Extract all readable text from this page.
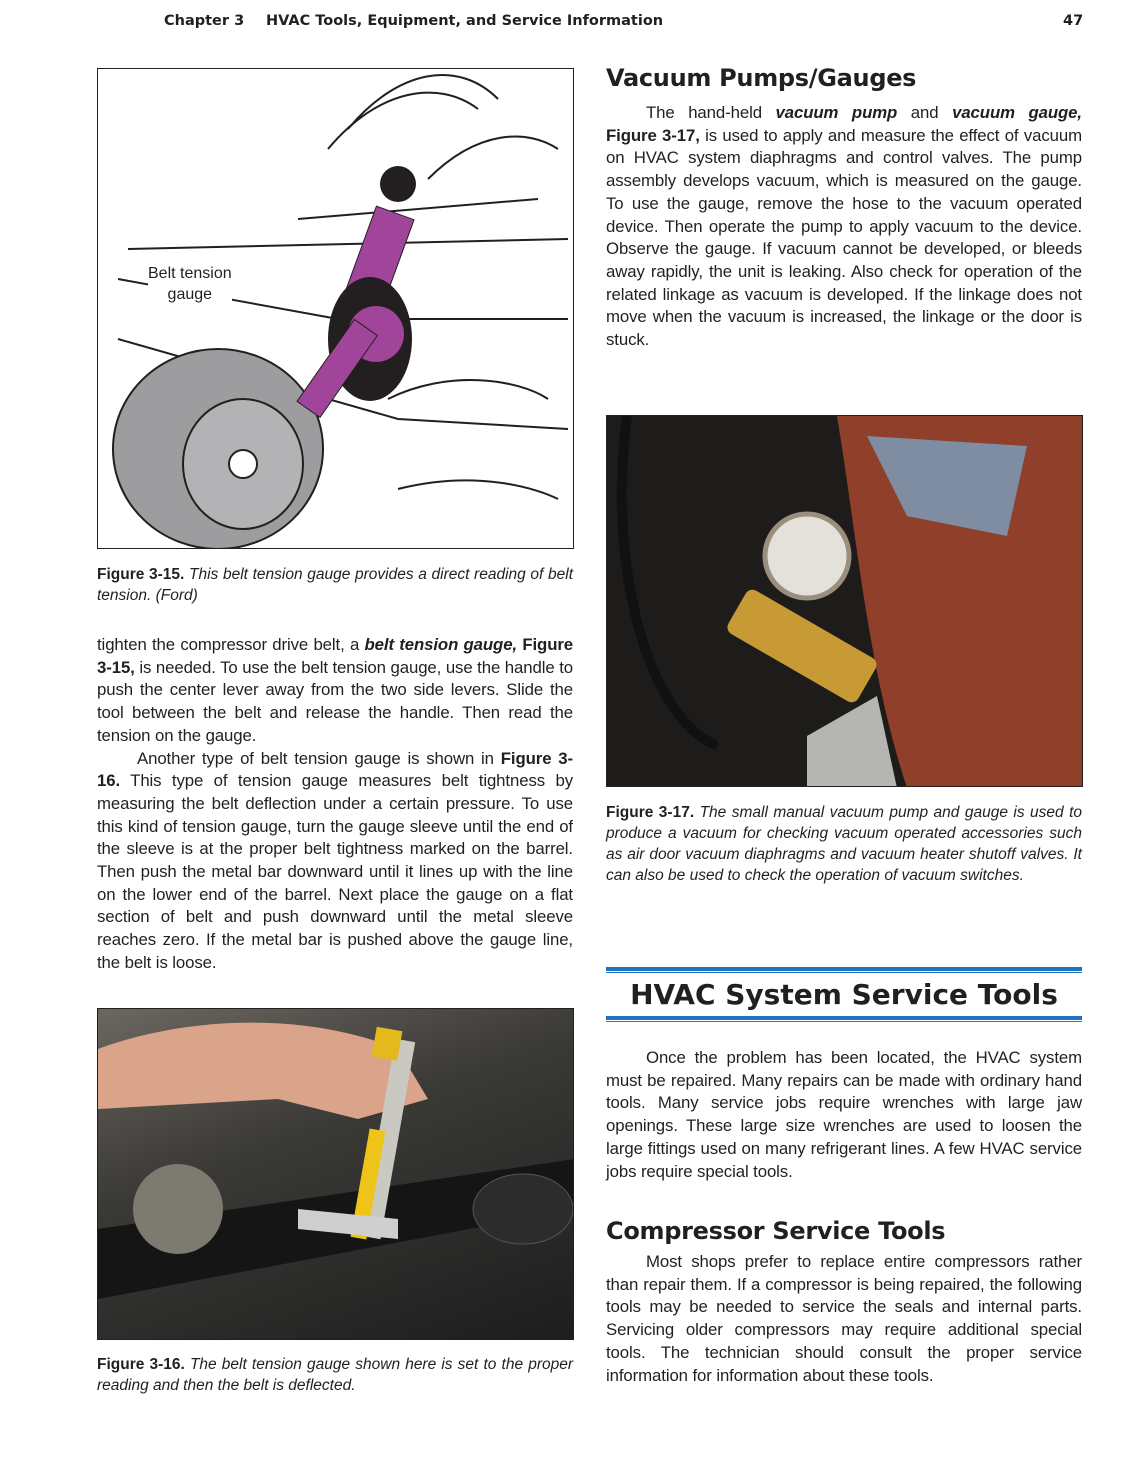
Chapter 3 HVAC Tools, Equipment, and Service Information	47
Belt tension
gauge
Figure 3-15. This belt tension gauge provides a direct reading of belt tension. (Ford)

tighten the compressor drive belt, a belt tension gauge, Figure 3-15, is needed. To use the belt tension gauge, use the handle to push the center lever away from the two side levers. Slide the tool between the belt and release the handle. Then read the tension on the gauge.

Another type of belt tension gauge is shown in Figure 3-16. This type of tension gauge measures belt tightness by measuring the belt deflection under a certain pressure. To use this kind of tension gauge, turn the gauge sleeve until the end of the sleeve is at the proper belt tightness marked on the barrel. Then push the metal bar downward until it lines up with the line on the lower end of the barrel. Next place the gauge on a flat section of belt and push downward until the metal sleeve reaches zero. If the metal bar is pushed above the gauge line, the belt is loose.

Figure 3-16. The belt tension gauge shown here is set to the proper reading and then the belt is deflected.
Vacuum Pumps/Gauges

The hand-held vacuum pump and vacuum gauge, Figure 3-17, is used to apply and measure the effect of vacuum on HVAC system diaphragms and control valves. The pump assembly develops vacuum, which is measured on the gauge. To use the gauge, remove the hose to the vacuum operated device. Then operate the pump to apply vacuum to the device. Observe the gauge. If vacuum cannot be developed, or bleeds away rapidly, the unit is leaking. Also check for operation of the related linkage as vacuum is developed. If the linkage does not move when the vacuum is increased, the linkage or the door is stuck.

Figure 3-17. The small manual vacuum pump and gauge is used to produce a vacuum for checking vacuum operated accessories such as air door vacuum diaphragms and vacuum heater shutoff valves. It can also be used to check the operation of vacuum switches.
HVAC System Service Tools

Once the problem has been located, the HVAC system must be repaired. Many repairs can be made with ordinary hand tools. Many service jobs require wrenches with large jaw openings. These large size wrenches are used to loosen the large fittings used on many refrigerant lines. A few HVAC service jobs require special tools.

Compressor Service Tools

Most shops prefer to replace entire compressors rather than repair them. If a compressor is being repaired, the following tools may be needed to service the seals and internal parts. Servicing older compressors may require additional special tools. The technician should consult the proper service information for information about these tools.
